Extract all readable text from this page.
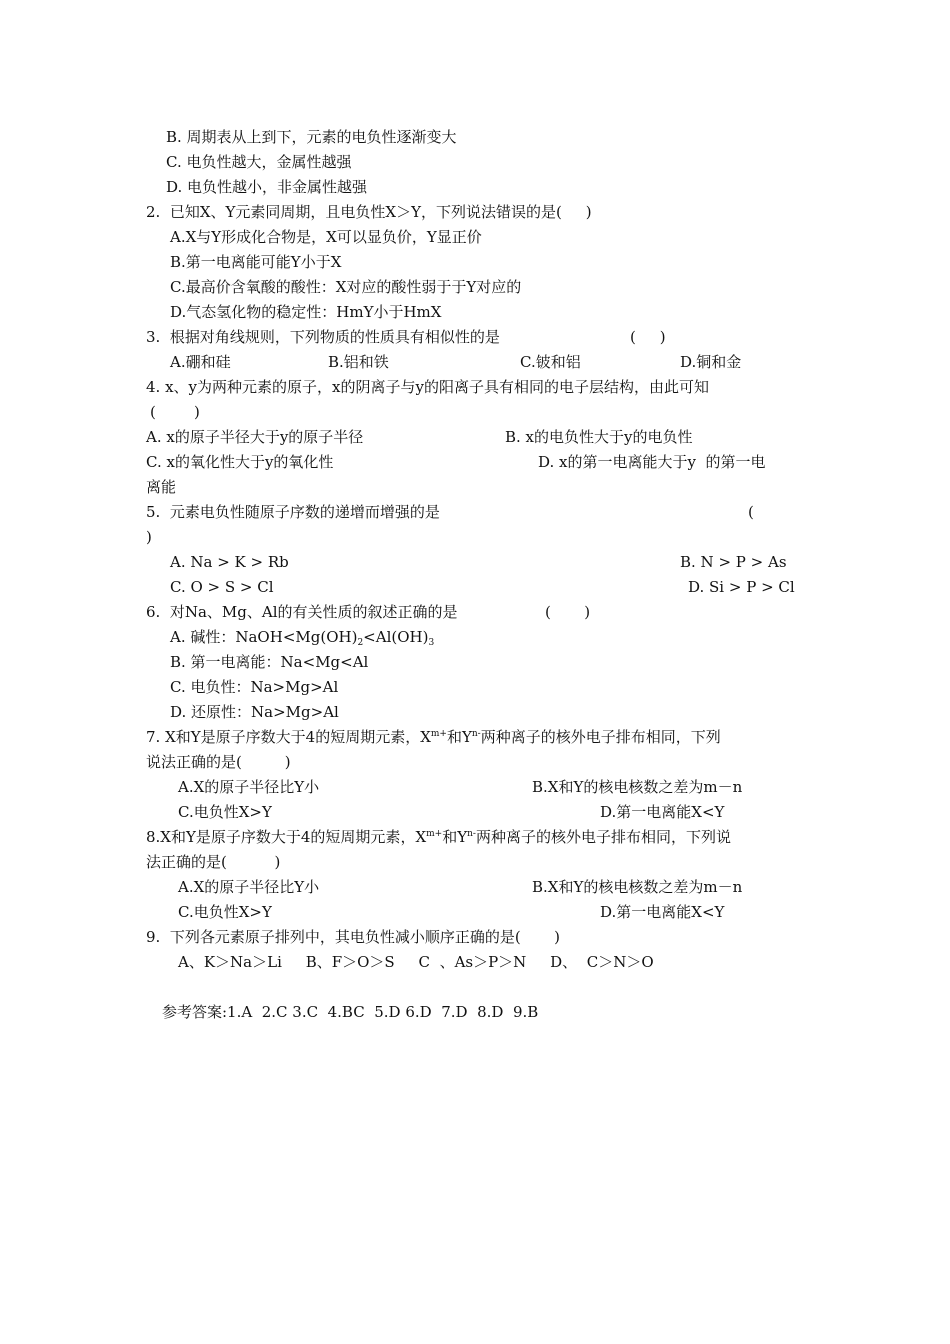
B. 周期表从上到下，元素的电负性逐渐变大
C. 电负性越大，金属性越强
D. 电负性越小，非金属性越强
2.  已知X、Y元素同周期，且电负性X＞Y，下列说法错误的是(     )
A.X与Y形成化合物是，X可以显负价，Y显正价
B.第一电离能可能Y小于X
C.最高价含氧酸的酸性：X对应的酸性弱于于Y对应的
D.气态氢化物的稳定性：HmY小于HmX
3.  根据对角线规则，下列物质的性质具有相似性的是	(     )
A.硼和硅	B.铝和铁	C.铍和铝	D.铜和金
4. x、y为两种元素的原子，x的阴离子与y的阳离子具有相同的电子层结构，由此可知
(        )
A. x的原子半径大于y的原子半径	B. x的电负性大于y的电负性
C. x的氧化性大于y的氧化性	D. x的第一电离能大于y  的第一电
离能
5.  元素电负性随原子序数的递增而增强的是	(
)
A. Na > K > Rb	B. N > P > As
C. O > S > Cl	D. Si > P > Cl
6.  对Na、Mg、Al的有关性质的叙述正确的是	(       )
A. 碱性：$NaOH<Mg(OH)_2<Al(OH)_3$
B. 第一电离能：Na<Mg<Al
C. 电负性：Na>Mg>Al
D. 还原性：Na>Mg>Al
7. X和Y是原子序数大于4的短周期元素，$X^{m+}$和$Y^{n-}$两种离子的核外电子排布相同，下列
说法正确的是(         )
A.X的原子半径比Y小	B.X和Y的核电核数之差为m－n
C.电负性X>Y	D.第一电离能X<Y
8.X和Y是原子序数大于4的短周期元素，$X^{m+}$和$Y^{n-}$两种离子的核外电子排布相同，下列说
法正确的是(          )
A.X的原子半径比Y小	B.X和Y的核电核数之差为m－n
C.电负性X>Y	D.第一电离能X<Y
9.  下列各元素原子排列中，其电负性减小顺序正确的是(       )
A、K＞Na＞Li     B、F＞O＞S     C  、As＞P＞N     D、  C＞N＞O
参考答案:1.A  2.C 3.C  4.BC  5.D 6.D  7.D  8.D  9.B
